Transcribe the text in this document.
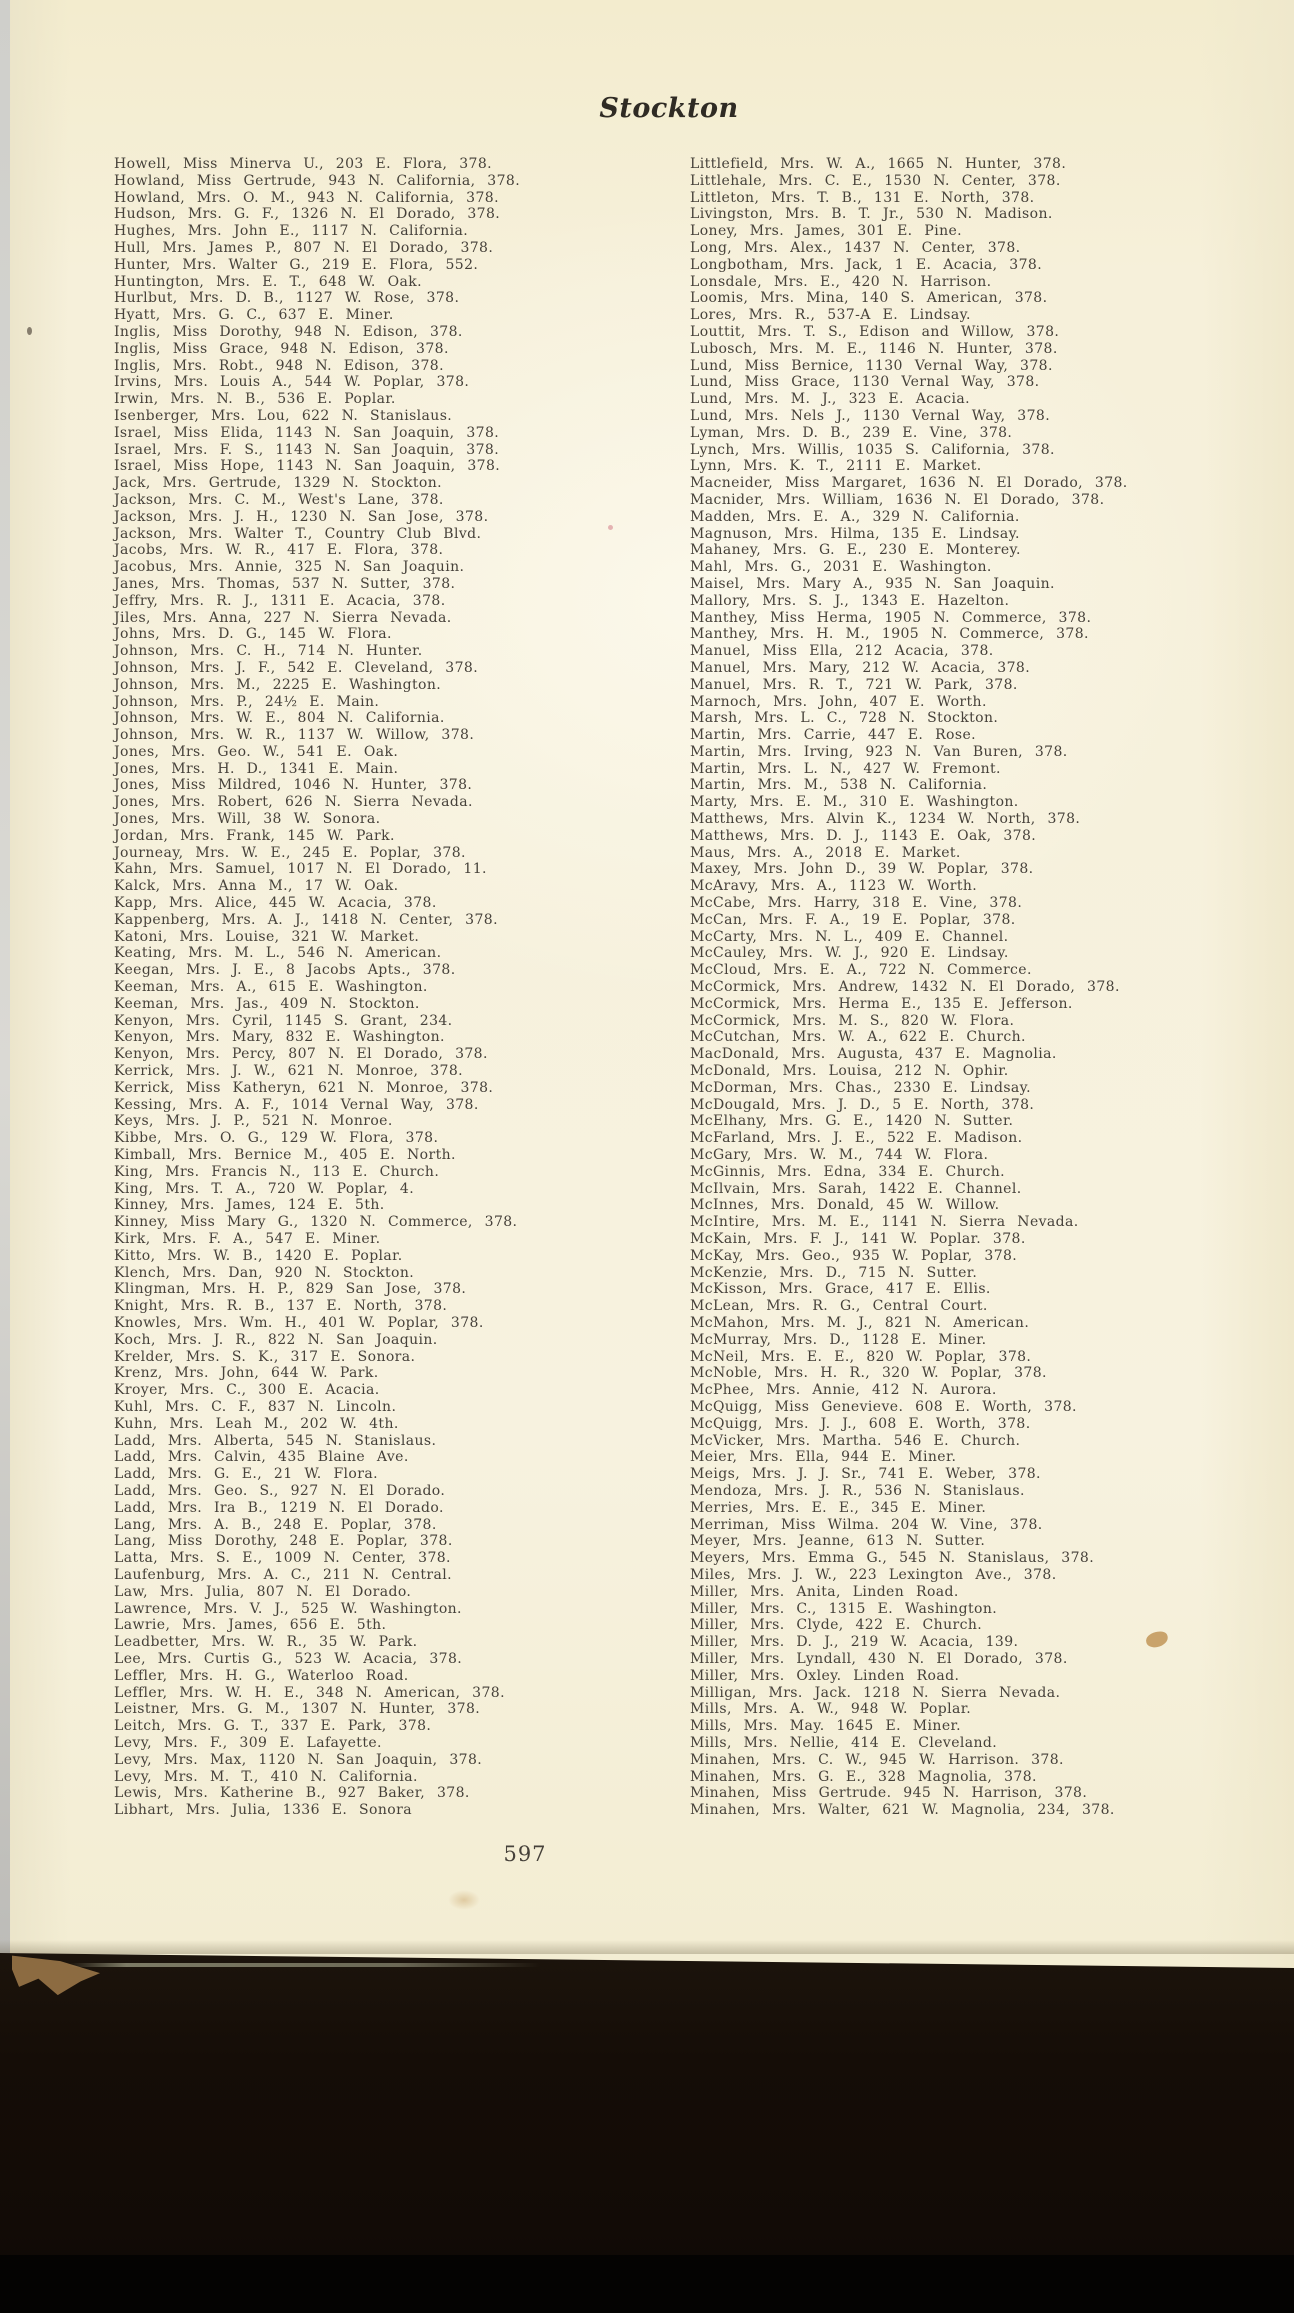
Stockton
Howell, Miss Minerva U., 203 E. Flora, 378.
Howland, Miss Gertrude, 943 N. California, 378.
Howland, Mrs. O. M., 943 N. California, 378.
Hudson, Mrs. G. F., 1326 N. El Dorado, 378.
Hughes, Mrs. John E., 1117 N. California.
Hull, Mrs. James P., 807 N. El Dorado, 378.
Hunter, Mrs. Walter G., 219 E. Flora, 552.
Huntington, Mrs. E. T., 648 W. Oak.
Hurlbut, Mrs. D. B., 1127 W. Rose, 378.
Hyatt, Mrs. G. C., 637 E. Miner.
Inglis, Miss Dorothy, 948 N. Edison, 378.
Inglis, Miss Grace, 948 N. Edison, 378.
Inglis, Mrs. Robt., 948 N. Edison, 378.
Irvins, Mrs. Louis A., 544 W. Poplar, 378.
Irwin, Mrs. N. B., 536 E. Poplar.
Isenberger, Mrs. Lou, 622 N. Stanislaus.
Israel, Miss Elida, 1143 N. San Joaquin, 378.
Israel, Mrs. F. S., 1143 N. San Joaquin, 378.
Israel, Miss Hope, 1143 N. San Joaquin, 378.
Jack, Mrs. Gertrude, 1329 N. Stockton.
Jackson, Mrs. C. M., West's Lane, 378.
Jackson, Mrs. J. H., 1230 N. San Jose, 378.
Jackson, Mrs. Walter T., Country Club Blvd.
Jacobs, Mrs. W. R., 417 E. Flora, 378.
Jacobus, Mrs. Annie, 325 N. San Joaquin.
Janes, Mrs. Thomas, 537 N. Sutter, 378.
Jeffry, Mrs. R. J., 1311 E. Acacia, 378.
Jiles, Mrs. Anna, 227 N. Sierra Nevada.
Johns, Mrs. D. G., 145 W. Flora.
Johnson, Mrs. C. H., 714 N. Hunter.
Johnson, Mrs. J. F., 542 E. Cleveland, 378.
Johnson, Mrs. M., 2225 E. Washington.
Johnson, Mrs. P., 24½ E. Main.
Johnson, Mrs. W. E., 804 N. California.
Johnson, Mrs. W. R., 1137 W. Willow, 378.
Jones, Mrs. Geo. W., 541 E. Oak.
Jones, Mrs. H. D., 1341 E. Main.
Jones, Miss Mildred, 1046 N. Hunter, 378.
Jones, Mrs. Robert, 626 N. Sierra Nevada.
Jones, Mrs. Will, 38 W. Sonora.
Jordan, Mrs. Frank, 145 W. Park.
Journeay, Mrs. W. E., 245 E. Poplar, 378.
Kahn, Mrs. Samuel, 1017 N. El Dorado, 11.
Kalck, Mrs. Anna M., 17 W. Oak.
Kapp, Mrs. Alice, 445 W. Acacia, 378.
Kappenberg, Mrs. A. J., 1418 N. Center, 378.
Katoni, Mrs. Louise, 321 W. Market.
Keating, Mrs. M. L., 546 N. American.
Keegan, Mrs. J. E., 8 Jacobs Apts., 378.
Keeman, Mrs. A., 615 E. Washington.
Keeman, Mrs. Jas., 409 N. Stockton.
Kenyon, Mrs. Cyril, 1145 S. Grant, 234.
Kenyon, Mrs. Mary, 832 E. Washington.
Kenyon, Mrs. Percy, 807 N. El Dorado, 378.
Kerrick, Mrs. J. W., 621 N. Monroe, 378.
Kerrick, Miss Katheryn, 621 N. Monroe, 378.
Kessing, Mrs. A. F., 1014 Vernal Way, 378.
Keys, Mrs. J. P., 521 N. Monroe.
Kibbe, Mrs. O. G., 129 W. Flora, 378.
Kimball, Mrs. Bernice M., 405 E. North.
King, Mrs. Francis N., 113 E. Church.
King, Mrs. T. A., 720 W. Poplar, 4.
Kinney, Mrs. James, 124 E. 5th.
Kinney, Miss Mary G., 1320 N. Commerce, 378.
Kirk, Mrs. F. A., 547 E. Miner.
Kitto, Mrs. W. B., 1420 E. Poplar.
Klench, Mrs. Dan, 920 N. Stockton.
Klingman, Mrs. H. P., 829 San Jose, 378.
Knight, Mrs. R. B., 137 E. North, 378.
Knowles, Mrs. Wm. H., 401 W. Poplar, 378.
Koch, Mrs. J. R., 822 N. San Joaquin.
Krelder, Mrs. S. K., 317 E. Sonora.
Krenz, Mrs. John, 644 W. Park.
Kroyer, Mrs. C., 300 E. Acacia.
Kuhl, Mrs. C. F., 837 N. Lincoln.
Kuhn, Mrs. Leah M., 202 W. 4th.
Ladd, Mrs. Alberta, 545 N. Stanislaus.
Ladd, Mrs. Calvin, 435 Blaine Ave.
Ladd, Mrs. G. E., 21 W. Flora.
Ladd, Mrs. Geo. S., 927 N. El Dorado.
Ladd, Mrs. Ira B., 1219 N. El Dorado.
Lang, Mrs. A. B., 248 E. Poplar, 378.
Lang, Miss Dorothy, 248 E. Poplar, 378.
Latta, Mrs. S. E., 1009 N. Center, 378.
Laufenburg, Mrs. A. C., 211 N. Central.
Law, Mrs. Julia, 807 N. El Dorado.
Lawrence, Mrs. V. J., 525 W. Washington.
Lawrie, Mrs. James, 656 E. 5th.
Leadbetter, Mrs. W. R., 35 W. Park.
Lee, Mrs. Curtis G., 523 W. Acacia, 378.
Leffler, Mrs. H. G., Waterloo Road.
Leffler, Mrs. W. H. E., 348 N. American, 378.
Leistner, Mrs. G. M., 1307 N. Hunter, 378.
Leitch, Mrs. G. T., 337 E. Park, 378.
Levy, Mrs. F., 309 E. Lafayette.
Levy, Mrs. Max, 1120 N. San Joaquin, 378.
Levy, Mrs. M. T., 410 N. California.
Lewis, Mrs. Katherine B., 927 Baker, 378.
Libhart, Mrs. Julia, 1336 E. Sonora
Littlefield, Mrs. W. A., 1665 N. Hunter, 378.
Littlehale, Mrs. C. E., 1530 N. Center, 378.
Littleton, Mrs. T. B., 131 E. North, 378.
Livingston, Mrs. B. T. Jr., 530 N. Madison.
Loney, Mrs. James, 301 E. Pine.
Long, Mrs. Alex., 1437 N. Center, 378.
Longbotham, Mrs. Jack, 1 E. Acacia, 378.
Lonsdale, Mrs. E., 420 N. Harrison.
Loomis, Mrs. Mina, 140 S. American, 378.
Lores, Mrs. R., 537-A E. Lindsay.
Louttit, Mrs. T. S., Edison and Willow, 378.
Lubosch, Mrs. M. E., 1146 N. Hunter, 378.
Lund, Miss Bernice, 1130 Vernal Way, 378.
Lund, Miss Grace, 1130 Vernal Way, 378.
Lund, Mrs. M. J., 323 E. Acacia.
Lund, Mrs. Nels J., 1130 Vernal Way, 378.
Lyman, Mrs. D. B., 239 E. Vine, 378.
Lynch, Mrs. Willis, 1035 S. California, 378.
Lynn, Mrs. K. T., 2111 E. Market.
Macneider, Miss Margaret, 1636 N. El Dorado, 378.
Macnider, Mrs. William, 1636 N. El Dorado, 378.
Madden, Mrs. E. A., 329 N. California.
Magnuson, Mrs. Hilma, 135 E. Lindsay.
Mahaney, Mrs. G. E., 230 E. Monterey.
Mahl, Mrs. G., 2031 E. Washington.
Maisel, Mrs. Mary A., 935 N. San Joaquin.
Mallory, Mrs. S. J., 1343 E. Hazelton.
Manthey, Miss Herma, 1905 N. Commerce, 378.
Manthey, Mrs. H. M., 1905 N. Commerce, 378.
Manuel, Miss Ella, 212 Acacia, 378.
Manuel, Mrs. Mary, 212 W. Acacia, 378.
Manuel, Mrs. R. T., 721 W. Park, 378.
Marnoch, Mrs. John, 407 E. Worth.
Marsh, Mrs. L. C., 728 N. Stockton.
Martin, Mrs. Carrie, 447 E. Rose.
Martin, Mrs. Irving, 923 N. Van Buren, 378.
Martin, Mrs. L. N., 427 W. Fremont.
Martin, Mrs. M., 538 N. California.
Marty, Mrs. E. M., 310 E. Washington.
Matthews, Mrs. Alvin K., 1234 W. North, 378.
Matthews, Mrs. D. J., 1143 E. Oak, 378.
Maus, Mrs. A., 2018 E. Market.
Maxey, Mrs. John D., 39 W. Poplar, 378.
McAravy, Mrs. A., 1123 W. Worth.
McCabe, Mrs. Harry, 318 E. Vine, 378.
McCan, Mrs. F. A., 19 E. Poplar, 378.
McCarty, Mrs. N. L., 409 E. Channel.
McCauley, Mrs. W. J., 920 E. Lindsay.
McCloud, Mrs. E. A., 722 N. Commerce.
McCormick, Mrs. Andrew, 1432 N. El Dorado, 378.
McCormick, Mrs. Herma E., 135 E. Jefferson.
McCormick, Mrs. M. S., 820 W. Flora.
McCutchan, Mrs. W. A., 622 E. Church.
MacDonald, Mrs. Augusta, 437 E. Magnolia.
McDonald, Mrs. Louisa, 212 N. Ophir.
McDorman, Mrs. Chas., 2330 E. Lindsay.
McDougald, Mrs. J. D., 5 E. North, 378.
McElhany, Mrs. G. E., 1420 N. Sutter.
McFarland, Mrs. J. E., 522 E. Madison.
McGary, Mrs. W. M., 744 W. Flora.
McGinnis, Mrs. Edna, 334 E. Church.
McIlvain, Mrs. Sarah, 1422 E. Channel.
McInnes, Mrs. Donald, 45 W. Willow.
McIntire, Mrs. M. E., 1141 N. Sierra Nevada.
McKain, Mrs. F. J., 141 W. Poplar. 378.
McKay, Mrs. Geo., 935 W. Poplar, 378.
McKenzie, Mrs. D., 715 N. Sutter.
McKisson, Mrs. Grace, 417 E. Ellis.
McLean, Mrs. R. G., Central Court.
McMahon, Mrs. M. J., 821 N. American.
McMurray, Mrs. D., 1128 E. Miner.
McNeil, Mrs. E. E., 820 W. Poplar, 378.
McNoble, Mrs. H. R., 320 W. Poplar, 378.
McPhee, Mrs. Annie, 412 N. Aurora.
McQuigg, Miss Genevieve. 608 E. Worth, 378.
McQuigg, Mrs. J. J., 608 E. Worth, 378.
McVicker, Mrs. Martha. 546 E. Church.
Meier, Mrs. Ella, 944 E. Miner.
Meigs, Mrs. J. J. Sr., 741 E. Weber, 378.
Mendoza, Mrs. J. R., 536 N. Stanislaus.
Merries, Mrs. E. E., 345 E. Miner.
Merriman, Miss Wilma. 204 W. Vine, 378.
Meyer, Mrs. Jeanne, 613 N. Sutter.
Meyers, Mrs. Emma G., 545 N. Stanislaus, 378.
Miles, Mrs. J. W., 223 Lexington Ave., 378.
Miller, Mrs. Anita, Linden Road.
Miller, Mrs. C., 1315 E. Washington.
Miller, Mrs. Clyde, 422 E. Church.
Miller, Mrs. D. J., 219 W. Acacia, 139.
Miller, Mrs. Lyndall, 430 N. El Dorado, 378.
Miller, Mrs. Oxley. Linden Road.
Milligan, Mrs. Jack. 1218 N. Sierra Nevada.
Mills, Mrs. A. W., 948 W. Poplar.
Mills, Mrs. May. 1645 E. Miner.
Mills, Mrs. Nellie, 414 E. Cleveland.
Minahen, Mrs. C. W., 945 W. Harrison. 378.
Minahen, Mrs. G. E., 328 Magnolia, 378.
Minahen, Miss Gertrude. 945 N. Harrison, 378.
Minahen, Mrs. Walter, 621 W. Magnolia, 234, 378.
597
